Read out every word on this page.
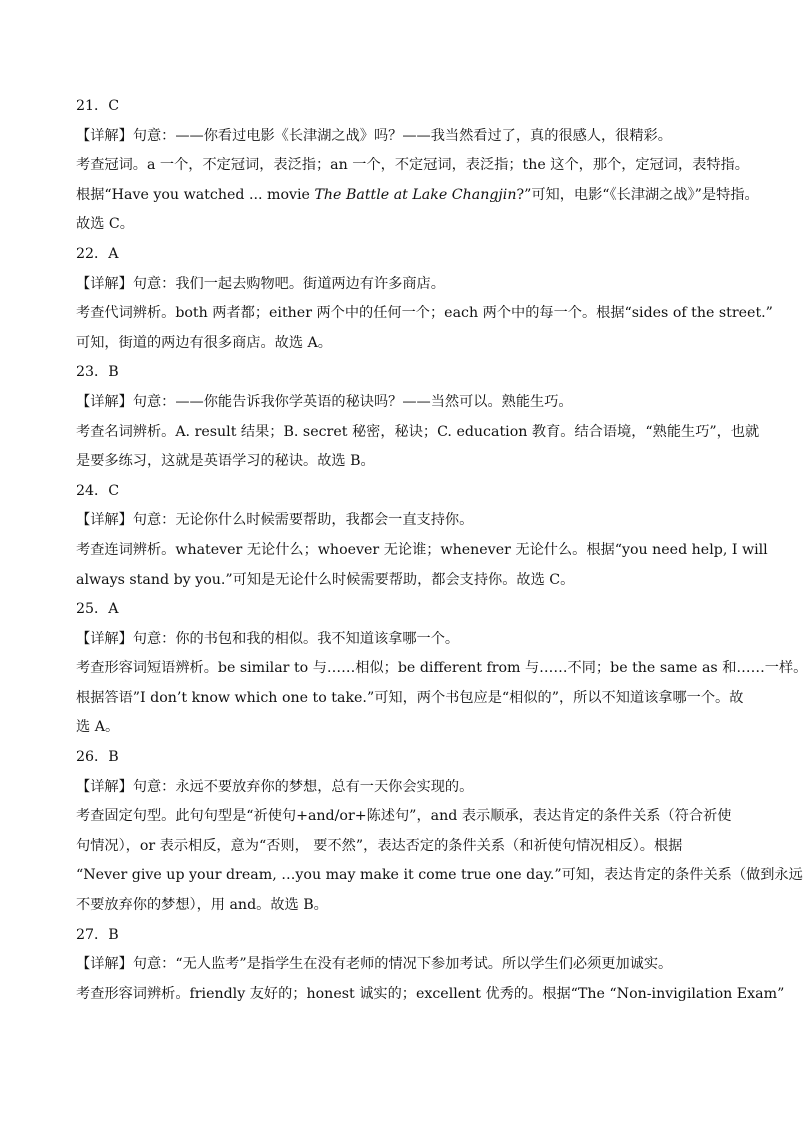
21．C
【详解】句意：——你看过电影《长津湖之战》吗？——我当然看过了，真的很感人，很精彩。
考查冠词。a 一个，不定冠词，表泛指；an 一个，不定冠词，表泛指；the 这个，那个，定冠词，表特指。
根据“Have you watched ... movie The Battle at Lake Changjin?”可知，电影“《长津湖之战》”是特指。
故选 C。
22．A
【详解】句意：我们一起去购物吧。街道两边有许多商店。
考查代词辨析。both 两者都；either 两个中的任何一个；each 两个中的每一个。根据“sides of the street.”
可知，街道的两边有很多商店。故选 A。
23．B
【详解】句意：——你能告诉我你学英语的秘诀吗？——当然可以。熟能生巧。
考查名词辨析。A. result 结果；B. secret 秘密，秘诀；C. education 教育。结合语境，“熟能生巧”，也就
是要多练习，这就是英语学习的秘诀。故选 B。
24．C
【详解】句意：无论你什么时候需要帮助，我都会一直支持你。
考查连词辨析。whatever 无论什么；whoever 无论谁；whenever 无论什么。根据“you need help, I will
always stand by you.”可知是无论什么时候需要帮助，都会支持你。故选 C。
25．A
【详解】句意：你的书包和我的相似。我不知道该拿哪一个。
考查形容词短语辨析。be similar to 与……相似；be different from 与……不同；be the same as 和……一样。
根据答语”I don’t know which one to take.”可知，两个书包应是“相似的”，所以不知道该拿哪一个。故
选 A。
26．B
【详解】句意：永远不要放弃你的梦想，总有一天你会实现的。
考查固定句型。此句句型是“祈使句+and/or+陈述句”，and 表示顺承，表达肯定的条件关系（符合祈使
句情况），or 表示相反，意为“否则， 要不然”，表达否定的条件关系（和祈使句情况相反）。根据
“Never give up your dream, …you may make it come true one day.”可知，表达肯定的条件关系（做到永远
不要放弃你的梦想），用 and。故选 B。
27．B
【详解】句意：“无人监考”是指学生在没有老师的情况下参加考试。所以学生们必须更加诚实。
考查形容词辨析。friendly 友好的；honest 诚实的；excellent 优秀的。根据“The “Non-invigilation Exam”
